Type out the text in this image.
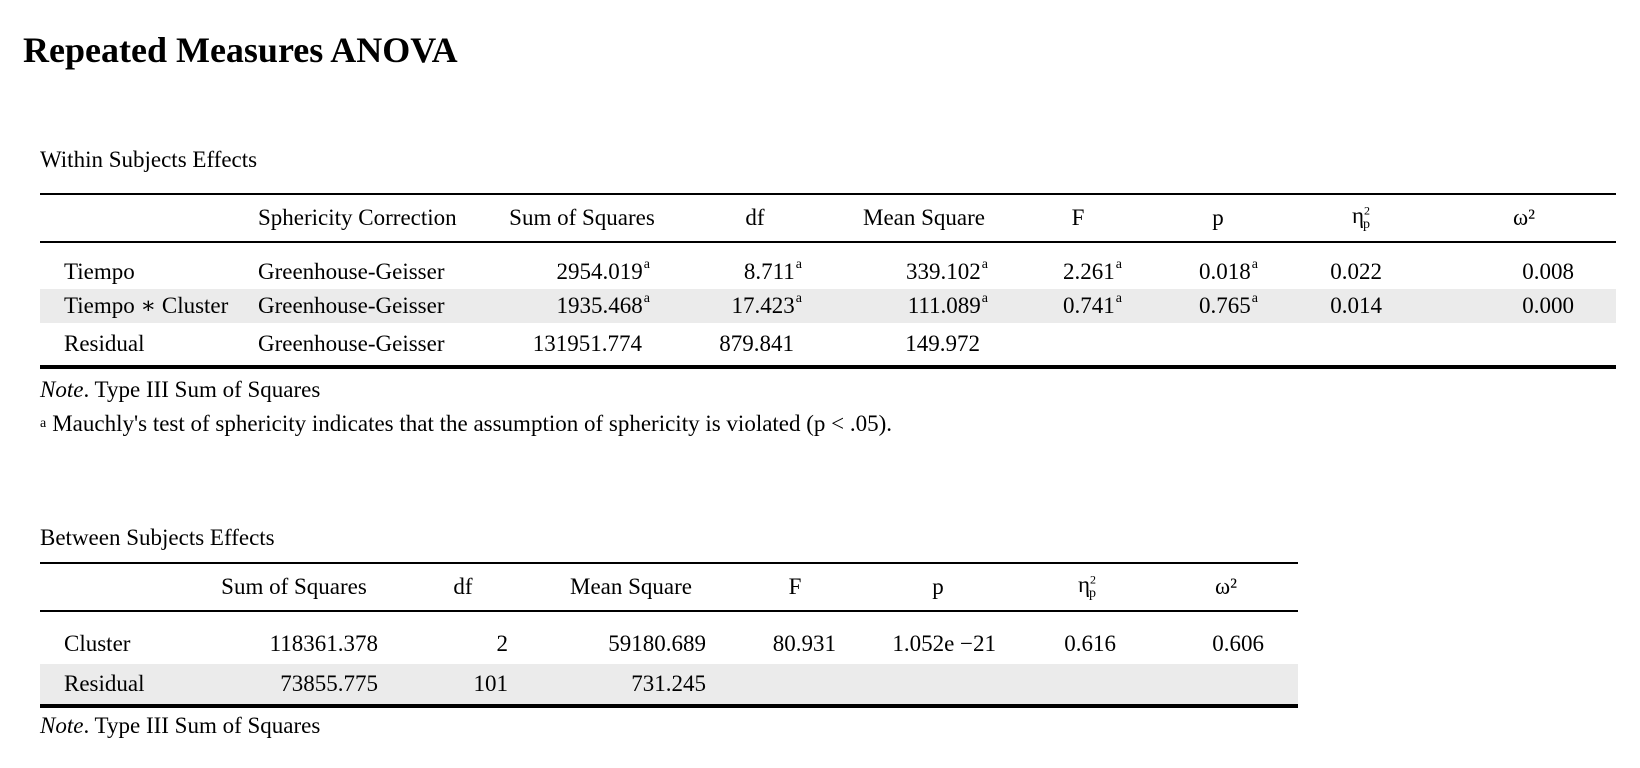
Repeated Measures ANOVA
Within Subjects Effects
	Sphericity Correction	Sum of Squares	df	Mean Square	F	p	$\eta^2_p$	ω²

Tiempo	Greenhouse-Geisser	2954.019$^a$	8.711$^a$	339.102$^a$	2.261$^a$	0.018$^a$	0.022	0.008
Tiempo ∗ Cluster	Greenhouse-Geisser	1935.468$^a$	17.423$^a$	111.089$^a$	0.741$^a$	0.765$^a$	0.014	0.000
Residual	Greenhouse-Geisser	131951.774	879.841	149.972				
Note. Type III Sum of Squares
$^a$ Mauchly's test of sphericity indicates that the assumption of sphericity is violated (p < .05).
Between Subjects Effects
	Sum of Squares	df	Mean Square	F	p	$\eta^2_p$	ω²

Cluster	118361.378	2	59180.689	80.931	1.052e −21	0.616	0.606
Residual	73855.775	101	731.245				
Note. Type III Sum of Squares
